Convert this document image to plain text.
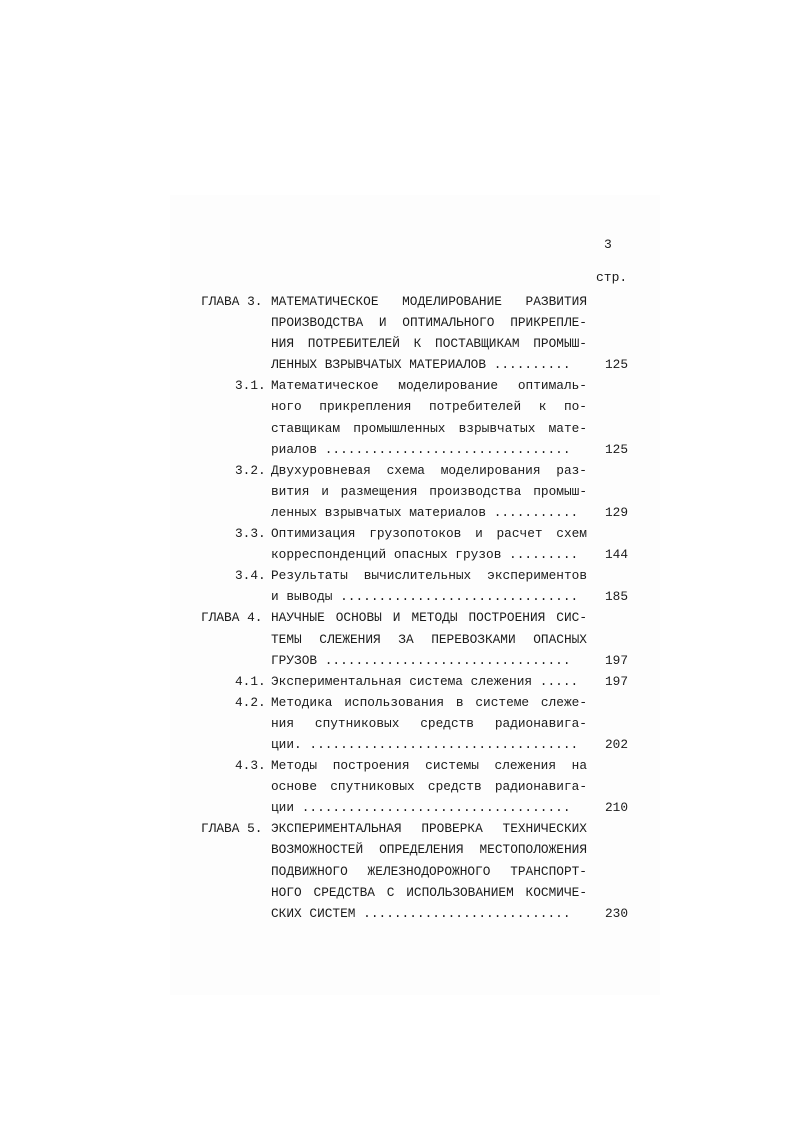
3
стр.
ГЛАВА 3. МАТЕМАТИЧЕСКОЕ МОДЕЛИРОВАНИЕ РАЗВИТИЯ
ПРОИЗВОДСТВА И ОПТИМАЛЬНОГО ПРИКРЕПЛЕ-
НИЯ ПОТРЕБИТЕЛЕЙ К ПОСТАВЩИКАМ ПРОМЫШ-
ЛЕННЫХ ВЗРЫВЧАТЫХ МАТЕРИАЛОВ ..........	125
3.1. Математическое моделирование оптималь-
ного прикрепления потребителей к по-
ставщикам промышленных взрывчатых мате-
риалов ................................	125
3.2. Двухуровневая схема моделирования раз-
вития и размещения производства промыш-
ленных взрывчатых материалов ........... 129
3.3. Оптимизация грузопотоков и расчет схем
корреспонденций опасных грузов ......... 144
3.4. Результаты вычислительных экспериментов
и выводы ............................... 185
ГЛАВА 4. НАУЧНЫЕ ОСНОВЫ И МЕТОДЫ ПОСТРОЕНИЯ СИС-
ТЕМЫ СЛЕЖЕНИЯ ЗА ПЕРЕВОЗКАМИ ОПАСНЫХ
ГРУЗОВ ................................	197
4.1. Экспериментальная система слежения ..... 197
4.2. Методика использования в системе слеже-
ния спутниковых средств радионавига-
ции. ................................... 202
4.3. Методы построения системы слежения на
основе спутниковых средств радионавига-
ции ...................................	210
ГЛАВА 5. ЭКСПЕРИМЕНТАЛЬНАЯ ПРОВЕРКА ТЕХНИЧЕСКИХ
ВОЗМОЖНОСТЕЙ ОПРЕДЕЛЕНИЯ МЕСТОПОЛОЖЕНИЯ
ПОДВИЖНОГО ЖЕЛЕЗНОДОРОЖНОГО ТРАНСПОРТ-
НОГО СРЕДСТВА С ИСПОЛЬЗОВАНИЕМ КОСМИЧЕ-
СКИХ СИСТЕМ ...........................	230
